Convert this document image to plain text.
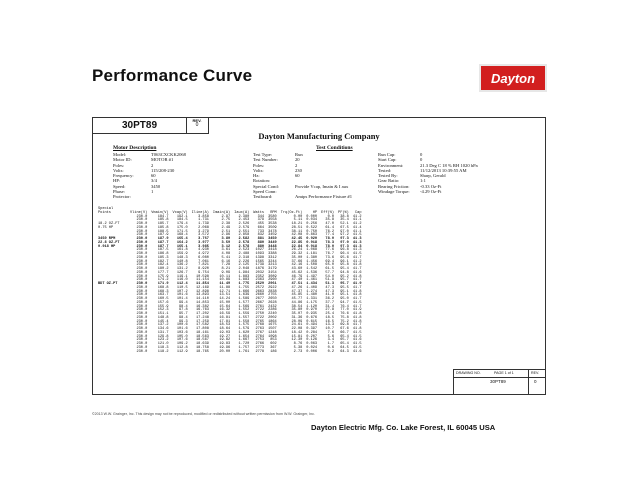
Performance Curve	Dayton
30PT89	REV.
0
Dayton Manufacturing Company
Motor Description	Test Conditions
Model:	T063CXCKK2068
Motor ID:	MOTOR #1
Poles:	2
Volts:	115/208-230
Frequency:	60
HP:	3/4
Speed:	3450
Phase:	1
Protector:
Test Type:	Run
Test Number:	20
Poles:	2
Volts:	230
Hz:	60
Rotation:
Special Cond:	Provide Vcap, Imain & I aux
Speed Conn:
Testboard:	Amtps Performance Fixture #1
Run Cap:	0
Start Cap:	0
Environment:	21.3 Deg C 18 % RH 1020 hPa
Tested:	11/12/2013 10:39:55 AM
Tested By:	Sharp, Gerald
Gear Ratio:	1:1
Bearing Friction:	-0.33 Oz-Ft
Windage Torque:	-4.29 Oz-Ft
Special Points	Vline(V)	Vmain(V)	Vcap(V)	Iline(A)	Imain(A)	Iaux(A)	Watts	RPM	Trq(Oz-Ft)	HP	Eff(%)	PF(%)	Cap
	230.0	184.7	192.1	3.858	2.97	2.380	344	3580	0.00	0.000	0.0	38.8	41.2
	230.0	185.8	184.5	1.731	2.75	2.453	379	3558	5.11	0.034	35.8	35.4	41.1
18.2 OZ-FT	230.0	185.7	179.4	1.739	2.38	2.526	455	3538	18.21	0.256	47.0	52.1	41.2
0.75 HP	230.0	185.8	175.0	2.068	2.49	2.579	664	3509	28.51	0.522	61.4	67.5	41.4
	230.0	188.5	171.5	3.279	2.51	2.551	733	3478	38.11	0.750	76.2	97.0	41.1
	230.0	187.9	168.4	3.572	2.96	2.858	832	3459	42.08	0.863	77.4	97.2	41.5
3450 RPM	230.0	187.9	165.4	3.767	3.80	2.582	881	3450	42.45	0.920	78.0	97.3	41.3
22.8 OZ-FT	230.0	187.7	164.2	3.977	3.59	2.578	880	3449	22.85	0.918	78.3	97.0	41.3
0.918 HP	230.0	187.7	165.1	3.985	3.12	2.578	880	3448	22.84	0.918	78.0	97.3	41.3
	230.0	187.5	161.8	4.930	3.61	2.523	1027	3418	26.24	1.068	77.6	96.8	41.3
	230.0	186.8	159.9	4.972	4.08	2.488	1093	3388	29.32	1.181	76.7	96.4	41.5
	230.0	185.3	148.3	6.080	5.41	2.318	1398	3312	35.00	1.380	73.6	95.6	41.7
	230.0	182.7	140.8	7.061	6.16	2.226	1565	3244	37.66	1.456	69.4	96.1	41.2
	230.0	182.4	136.2	7.821	7.28	2.125	1739	3213	42.16	1.508	65.0	95.8	41.8
	230.0	180.2	131.2	8.920	8.21	2.048	1876	3179	43.60	1.542	61.5	95.4	41.7
	230.0	177.7	126.7	9.754	9.09	1.984	2032	3154	45.62	1.536	57.7	94.8	41.6
	230.0	175.9	119.1	10.598	10.11	1.883	2352	3089	46.79	1.497	54.0	95.2	41.8
	230.0	174.2	116.0	11.154	10.89	1.883	2363	2960	47.40	1.461	51.9	95.7	41.7
BDT OZ-PT	230.0	171.9	112.4	11.854	11.49	1.775	2529	2961	47.51	1.434	51.3	95.7	41.9
	230.0	168.8	110.5	12.169	11.88	1.755	2572	2922	47.26	1.409	47.3	95.5	41.7
	230.0	168.3	107.2	12.898	12.71	1.666	2663	2838	47.37	1.274	47.3	95.1	41.8
	230.0	163.7	101.6	13.893	13.51	1.639	2660	2755	45.85	1.480	41.0	95.1	41.8
	230.0	160.5	101.4	14.110	14.24	1.589	2677	2650	45.77	1.331	36.2	95.0	41.7
	230.0	157.6	99.4	14.853	15.00	1.577	2667	2628	44.86	1.175	37.7	94.7	41.5
	230.0	155.9	98.4	16.382	15.64	1.569	2761	2432	38.54	1.120	31.4	76.4	41.7
	230.0	152.3	97.8	16.763	16.32	1.552	2722	2286	35.80	0.970	27.8	77.0	41.9
	230.0	151.1	95.7	17.202	16.59	1.559	2750	2240	35.07	0.935	25.4	76.6	41.8
	230.0	148.8	98.4	17.248	16.81	1.557	2722	2002	31.36	0.676	18.5	75.8	41.8
	230.0	145.4	99.3	17.259	17.81	1.558	2765	1864	28.09	0.615	16.5	75.2	41.8
	230.0	137.2	100.6	17.582	18.53	1.575	2768	1675	24.61	0.494	13.3	69.8	41.7
	230.0	134.6	101.6	17.808	18.64	1.579	2763	1507	22.08	0.397	10.7	67.6	41.8
	230.0	131.7	103.6	18.161	19.03	1.620	2767	1248	18.42	0.284	7.6	66.7	41.5
	230.0	129.8	105.0	18.563	19.27	1.654	2764	1098	15.81	0.207	5.6	65.4	41.5
	230.0	123.2	107.6	18.567	19.82	1.667	2753	853	12.30	0.126	3.4	65.7	41.6
	230.0	121.0	109.2	18.639	19.83	1.720	2766	602	8.76	0.063	1.7	65.4	41.5
	230.0	118.3	112.8	18.758	19.96	1.757	2773	367	5.38	0.024	0.6	64.5	41.5
	230.0	118.2	112.9	18.765	20.00	1.761	2778	186	2.73	0.006	0.2	64.3	41.6
DRAWING NO.	PAGE 1 of 1
30PT89
REV.
0
©2013 W.W. Grainger, Inc. This design may not be reproduced, modified or redistributed without written permission from W.W. Grainger, Inc.
Dayton Electric Mfg. Co. Lake Forest, IL 60045 USA
